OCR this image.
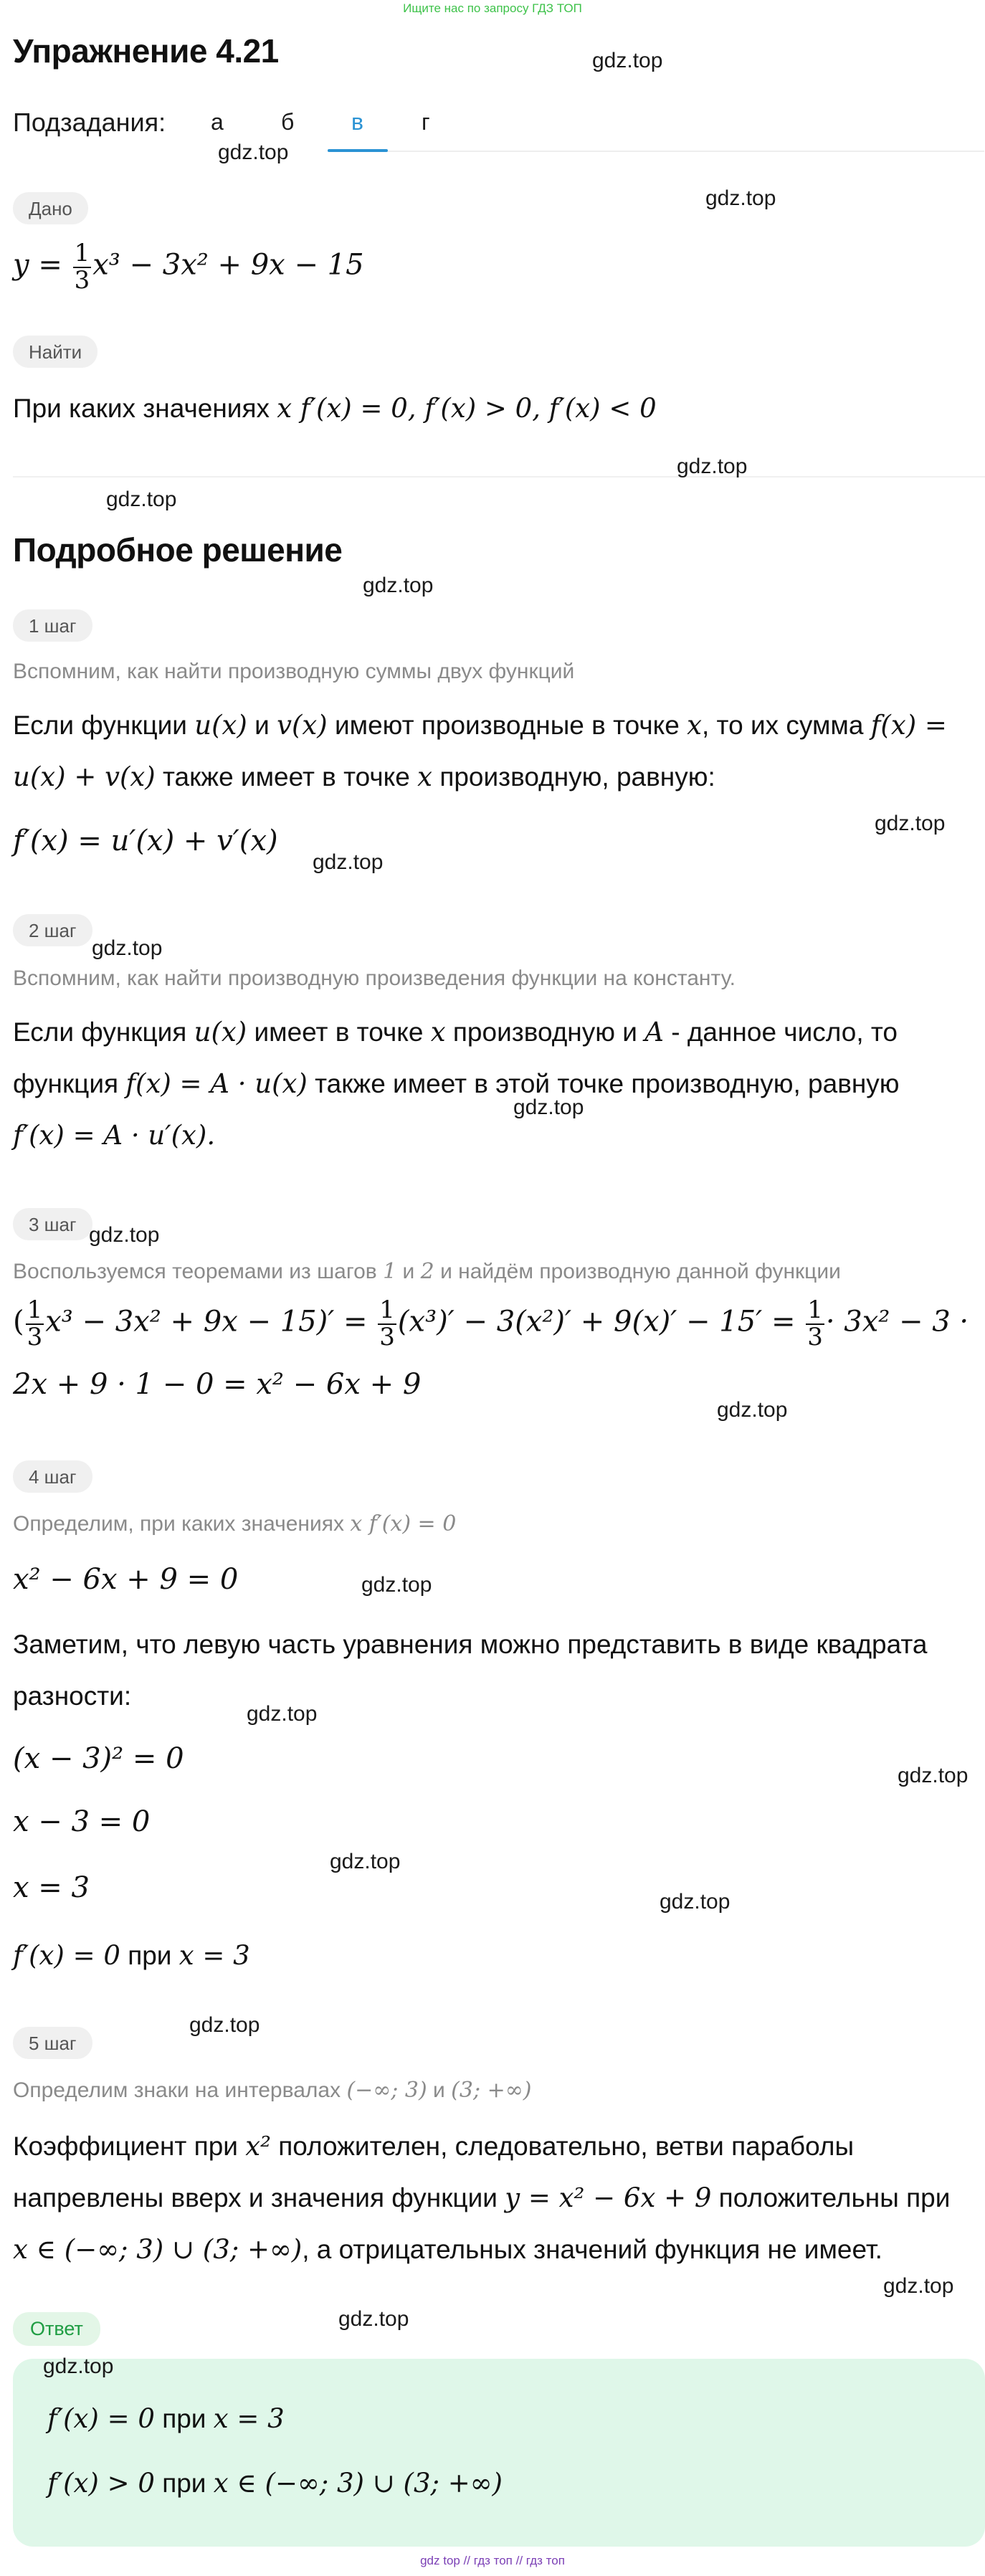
Ищите нас по запросу ГДЗ ТОП
Упражнение 4.21
Подзадания: а	б в	г
Дано
$y = \frac{1}{3} x^3 - 3x^2 + 9x - 15$
Найти
При каких значениях x f′(x) = 0, f′(x) > 0, f′(x) < 0
Подробное решение
1 шаг
Вспомним, как найти производную суммы двух функций
Если функции u(x) и v(x) имеют производные в точке x, то их сумма f(x) =
u(x) + v(x) также имеет в точке x производную, равную:
f′(x) = u′(x) + v′(x)
2 шаг
Вспомним, как найти производную произведения функции на константу.
Если функция u(x) имеет в точке x производную и A - данное число, то
функция f(x) = A · u(x) также имеет в этой точке производную, равную
f′(x) = A · u′(x).
3 шаг
Воспользуемся теоремами из шагов 1 и 2 и найдём производную данной функции
( $\frac{1}{3} x^3 - 3x^2 + 9x - 15)' = \frac{1}{3} (x^3)' - 3(x^2)' + 9(x)' - 15' = \frac{1}{3} \cdot 3x^2 - 3$ ·
2x + 9 · 1 − 0 = x² − 6x + 9
4 шаг
Определим, при каких значениях x f′(x) = 0
x² − 6x + 9 = 0
Заметим, что левую часть уравнения можно представить в виде квадрата
разности:
(x − 3)² = 0
x − 3 = 0
x = 3
f′(x) = 0 при x = 3
5 шаг
Определим знаки на интервалах (−∞; 3) и (3; +∞)
Коэффициент при x² положителен, следовательно, ветви параболы
напревлены вверх и значения функции y = x² − 6x + 9 положительны при
x ∈ (−∞; 3) ∪ (3; +∞), а отрицательных значений функция не имеет.
Ответ
f′(x) = 0 при x = 3
f′(x) > 0 при x ∈ (−∞; 3) ∪ (3; +∞)
gdz.top
gdz.top
gdz.top
gdz.top
gdz.top
gdz.top
gdz.top
gdz.top
gdz.top
gdz.top
gdz.top
gdz.top
gdz.top
gdz.top
gdz.top
gdz.top
gdz.top
gdz.top
gdz.top
gdz.top
gdz.top
gdz top // гдз топ // гдз топ
